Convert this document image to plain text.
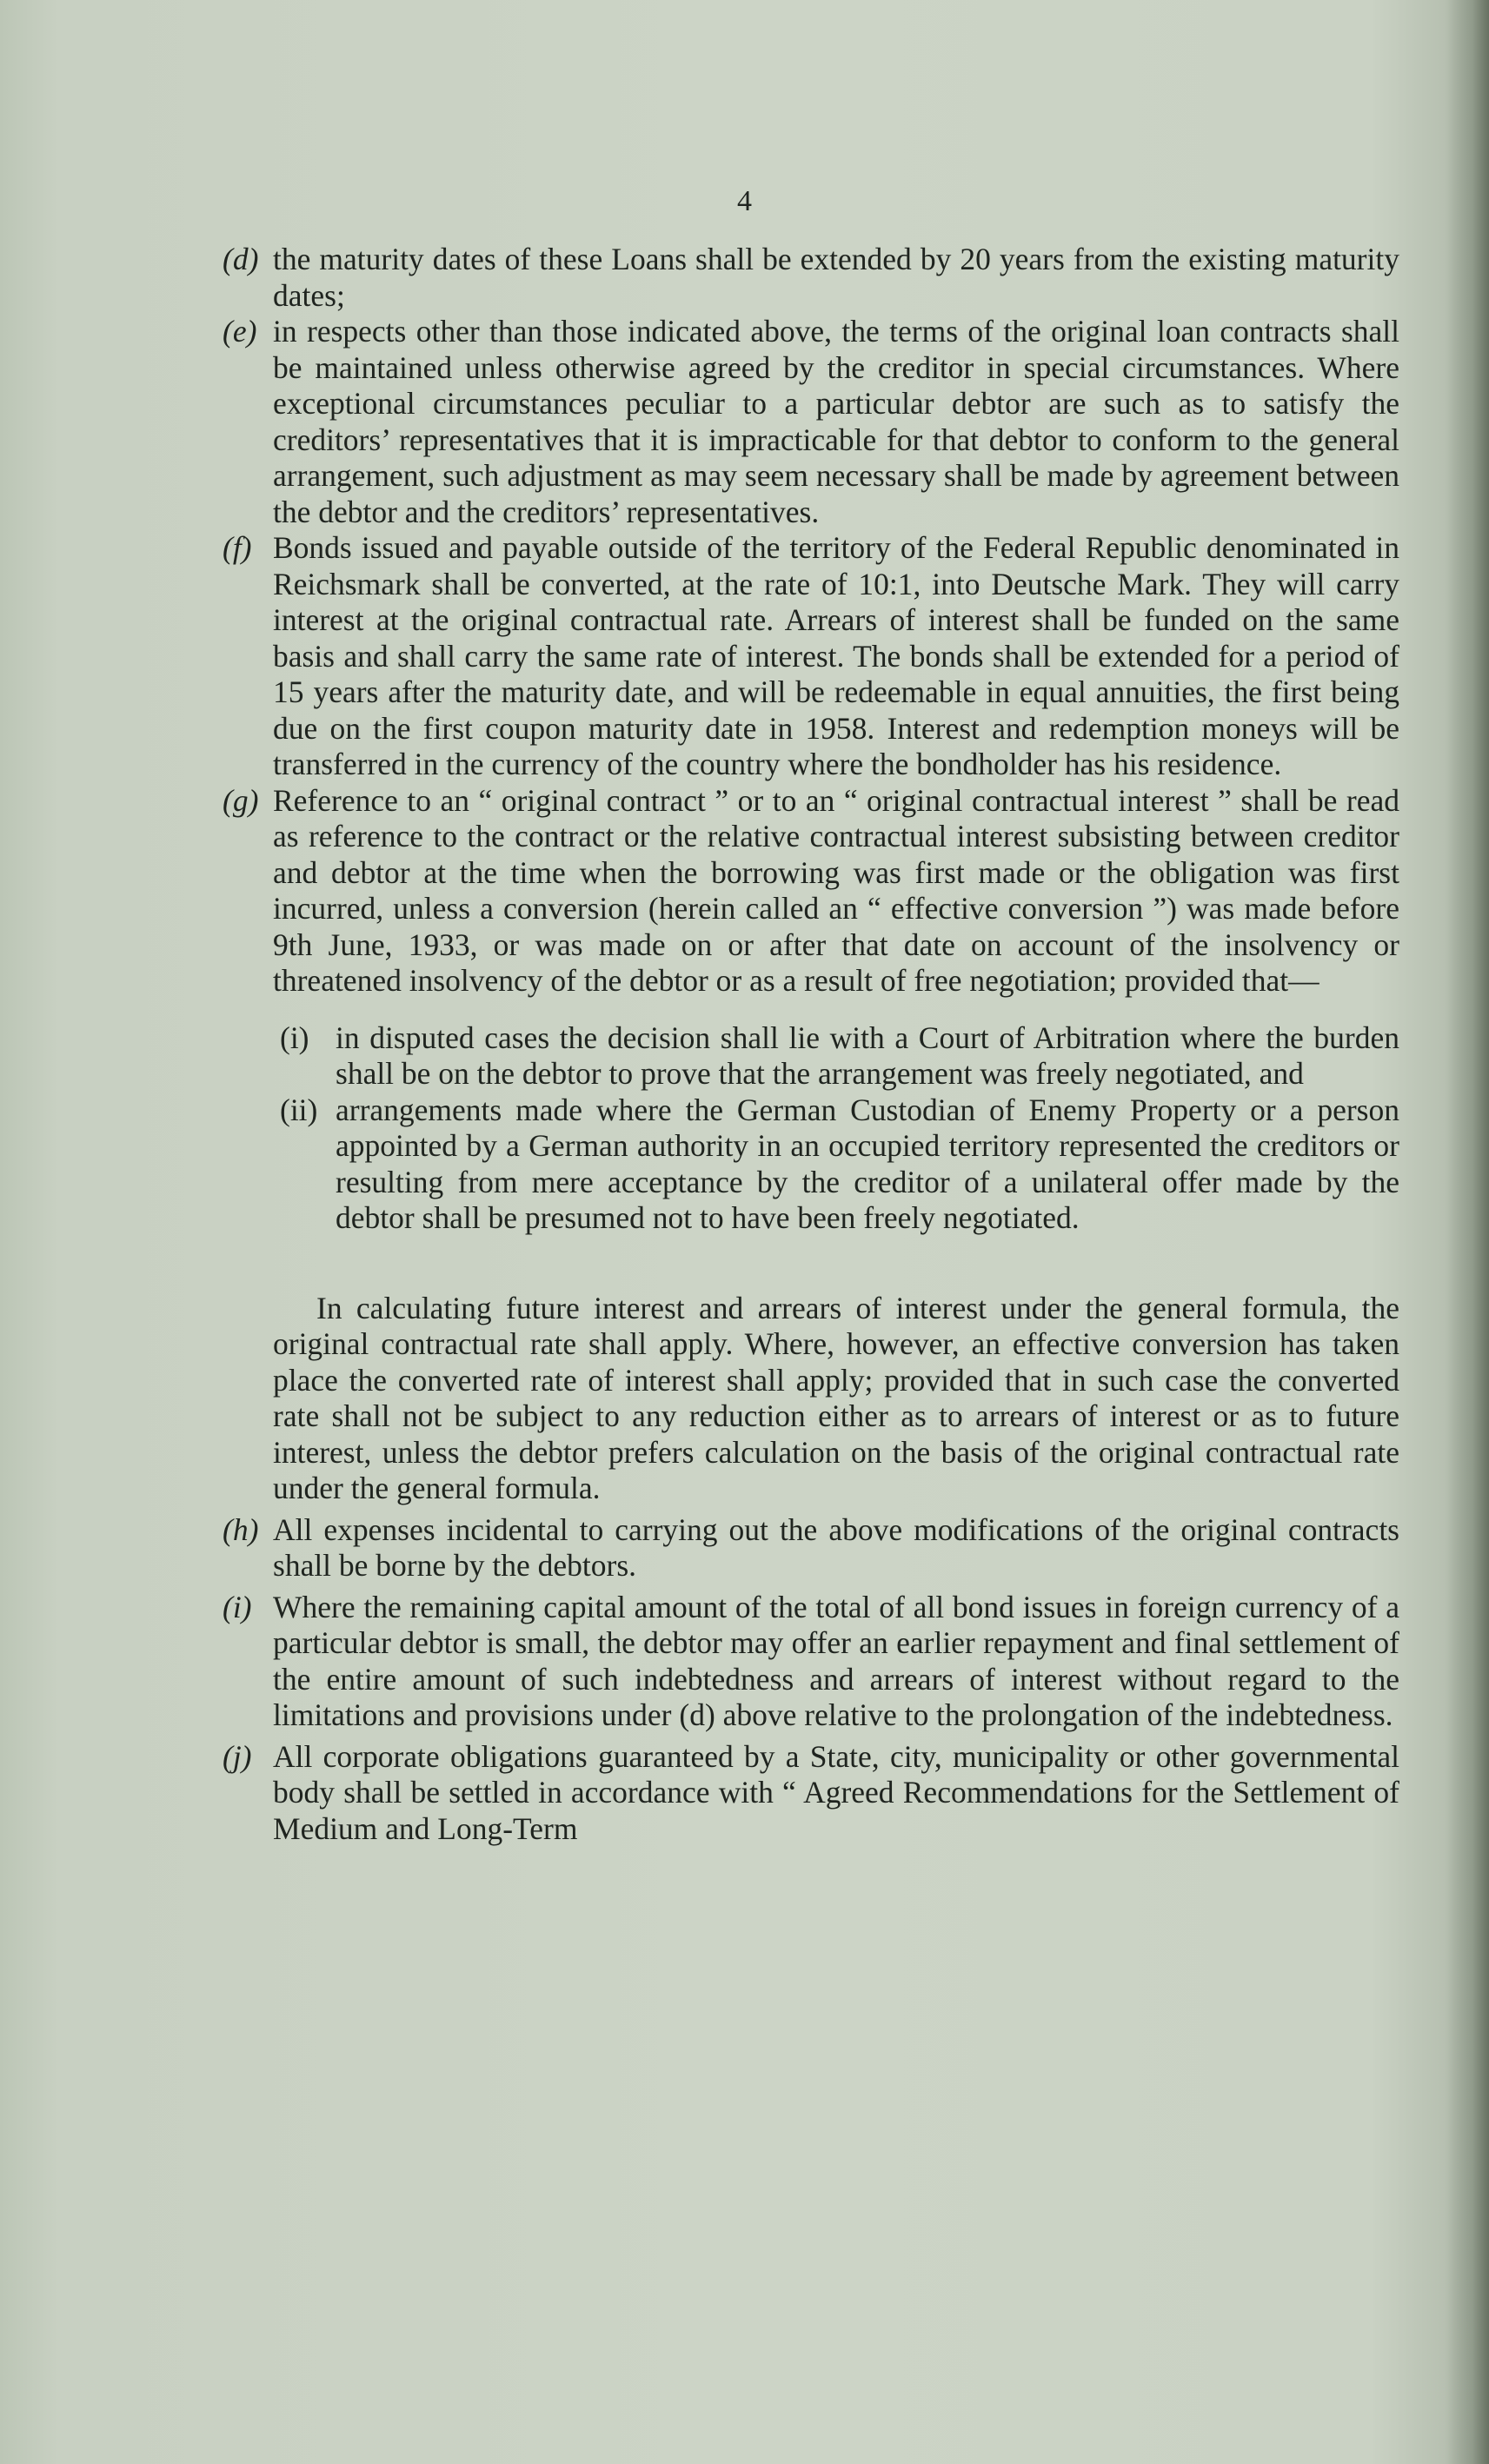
4
(d) the maturity dates of these Loans shall be extended by 20 years from the existing maturity dates;
(e) in respects other than those indicated above, the terms of the original loan contracts shall be maintained unless otherwise agreed by the creditor in special circumstances. Where exceptional circumstances peculiar to a particular debtor are such as to satisfy the creditors’ representatives that it is impracticable for that debtor to conform to the general arrangement, such adjustment as may seem necessary shall be made by agreement between the debtor and the creditors’ representatives.
(f) Bonds issued and payable outside of the territory of the Federal Republic denominated in Reichsmark shall be converted, at the rate of 10:1, into Deutsche Mark. They will carry interest at the original contractual rate. Arrears of interest shall be funded on the same basis and shall carry the same rate of interest. The bonds shall be extended for a period of 15 years after the maturity date, and will be redeemable in equal annuities, the first being due on the first coupon maturity date in 1958. Interest and redemption moneys will be transferred in the currency of the country where the bondholder has his residence.
(g) Reference to an “ original contract ” or to an “ original contractual interest ” shall be read as reference to the contract or the relative contractual interest subsisting between creditor and debtor at the time when the borrowing was first made or the obligation was first incurred, unless a conversion (herein called an “ effective conversion ”) was made before 9th June, 1933, or was made on or after that date on account of the insolvency or threatened insolvency of the debtor or as a result of free negotiation; provided that—
(i) in disputed cases the decision shall lie with a Court of Arbitration where the burden shall be on the debtor to prove that the arrangement was freely negotiated, and
(ii) arrangements made where the German Custodian of Enemy Property or a person appointed by a German authority in an occupied territory represented the creditors or resulting from mere acceptance by the creditor of a unilateral offer made by the debtor shall be presumed not to have been freely negotiated.

In calculating future interest and arrears of interest under the general formula, the original contractual rate shall apply. Where, however, an effective conversion has taken place the converted rate of interest shall apply; provided that in such case the converted rate shall not be subject to any reduction either as to arrears of interest or as to future interest, unless the debtor prefers calculation on the basis of the original contractual rate under the general formula.

(h) All expenses incidental to carrying out the above modifications of the original contracts shall be borne by the debtors.
(i) Where the remaining capital amount of the total of all bond issues in foreign currency of a particular debtor is small, the debtor may offer an earlier repayment and final settlement of the entire amount of such indebtedness and arrears of interest without regard to the limitations and provisions under (d) above relative to the prolongation of the indebtedness.
(j) All corporate obligations guaranteed by a State, city, municipality or other governmental body shall be settled in accordance with “ Agreed Recommendations for the Settlement of Medium and Long-Term
